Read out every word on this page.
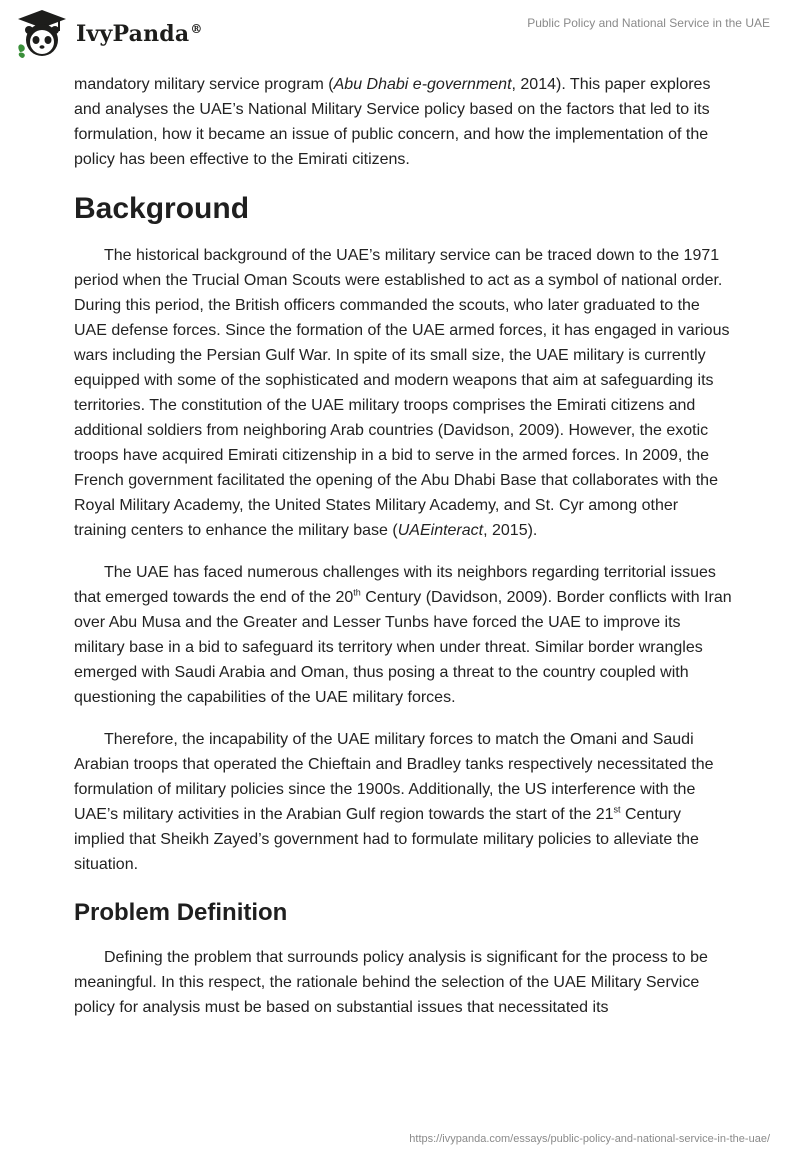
IvyPanda®	Public Policy and National Service in the UAE

mandatory military service program (Abu Dhabi e-government, 2014). This paper explores and analyses the UAE’s National Military Service policy based on the factors that led to its formulation, how it became an issue of public concern, and how the implementation of the policy has been effective to the Emirati citizens.

Background

The historical background of the UAE’s military service can be traced down to the 1971 period when the Trucial Oman Scouts were established to act as a symbol of national order. During this period, the British officers commanded the scouts, who later graduated to the UAE defense forces. Since the formation of the UAE armed forces, it has engaged in various wars including the Persian Gulf War. In spite of its small size, the UAE military is currently equipped with some of the sophisticated and modern weapons that aim at safeguarding its territories. The constitution of the UAE military troops comprises the Emirati citizens and additional soldiers from neighboring Arab countries (Davidson, 2009). However, the exotic troops have acquired Emirati citizenship in a bid to serve in the armed forces. In 2009, the French government facilitated the opening of the Abu Dhabi Base that collaborates with the Royal Military Academy, the United States Military Academy, and St. Cyr among other training centers to enhance the military base (UAEinteract, 2015).

The UAE has faced numerous challenges with its neighbors regarding territorial issues that emerged towards the end of the 20th Century (Davidson, 2009). Border conflicts with Iran over Abu Musa and the Greater and Lesser Tunbs have forced the UAE to improve its military base in a bid to safeguard its territory when under threat. Similar border wrangles emerged with Saudi Arabia and Oman, thus posing a threat to the country coupled with questioning the capabilities of the UAE military forces.

Therefore, the incapability of the UAE military forces to match the Omani and Saudi Arabian troops that operated the Chieftain and Bradley tanks respectively necessitated the formulation of military policies since the 1900s. Additionally, the US interference with the UAE’s military activities in the Arabian Gulf region towards the start of the 21st Century implied that Sheikh Zayed’s government had to formulate military policies to alleviate the situation.

Problem Definition

Defining the problem that surrounds policy analysis is significant for the process to be meaningful. In this respect, the rationale behind the selection of the UAE Military Service policy for analysis must be based on substantial issues that necessitated its

https://ivypanda.com/essays/public-policy-and-national-service-in-the-uae/
